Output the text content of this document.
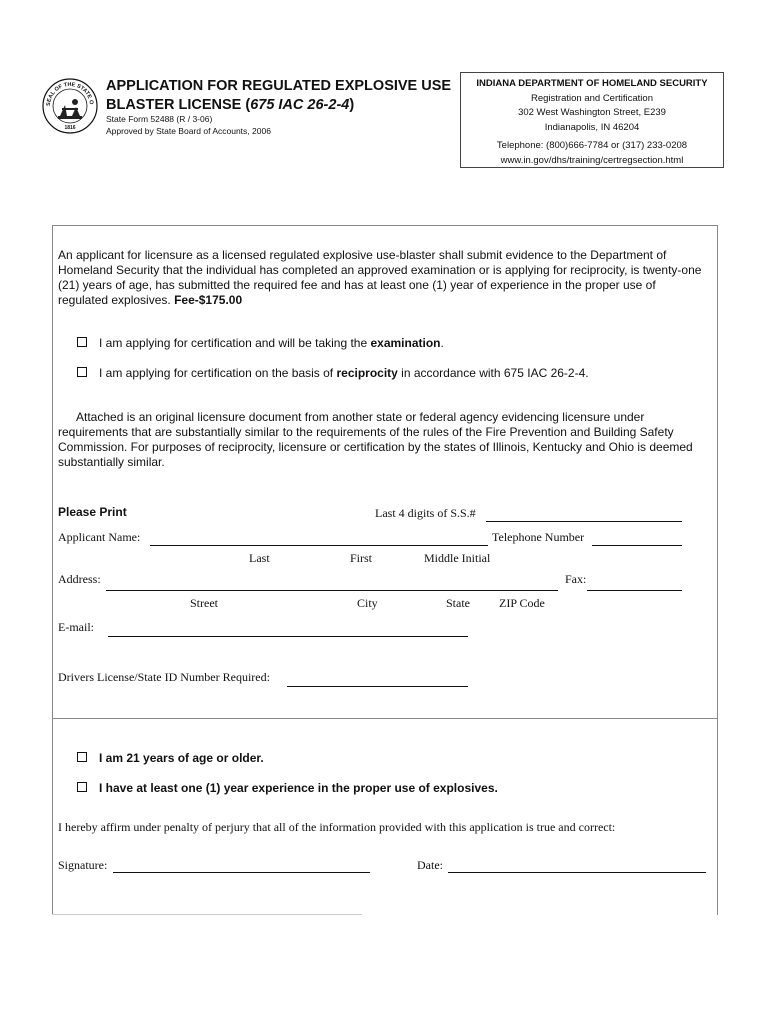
SEAL OF THE STATE O
1816
APPLICATION FOR REGULATED EXPLOSIVE USE
BLASTER LICENSE (675 IAC 26-2-4)
State Form 52488 (R / 3-06)
Approved by State Board of Accounts, 2006
INDIANA DEPARTMENT OF HOMELAND SECURITY
Registration and Certification
302 West Washington Street, E239
Indianapolis, IN 46204
Telephone: (800)666-7784 or (317) 233-0208
www.in.gov/dhs/training/certregsection.html
An applicant for licensure as a licensed regulated explosive use-blaster shall submit evidence to the Department of Homeland Security that the individual has completed an approved examination or is applying for reciprocity, is twenty-one (21) years of age, has submitted the required fee and has at least one (1) year of experience in the proper use of regulated explosives. Fee-$175.00
I am applying for certification and will be taking the examination.
I am applying for certification on the basis of reciprocity in accordance with 675 IAC 26-2-4.
Attached is an original licensure document from another state or federal agency evidencing licensure under requirements that are substantially similar to the requirements of the rules of the Fire Prevention and Building Safety Commission. For purposes of reciprocity, licensure or certification by the states of Illinois, Kentucky and Ohio is deemed substantially similar.
Please Print	Last 4 digits of S.S.#
Applicant Name:	Telephone Number
Last	First	Middle Initial
Address:	Fax:
Street	City	State ZIP Code
E-mail:
Drivers License/State ID Number Required:
I am 21 years of age or older.
I have at least one (1) year experience in the proper use of explosives.
I hereby affirm under penalty of perjury that all of the information provided with this application is true and correct:
Signature:	Date:
